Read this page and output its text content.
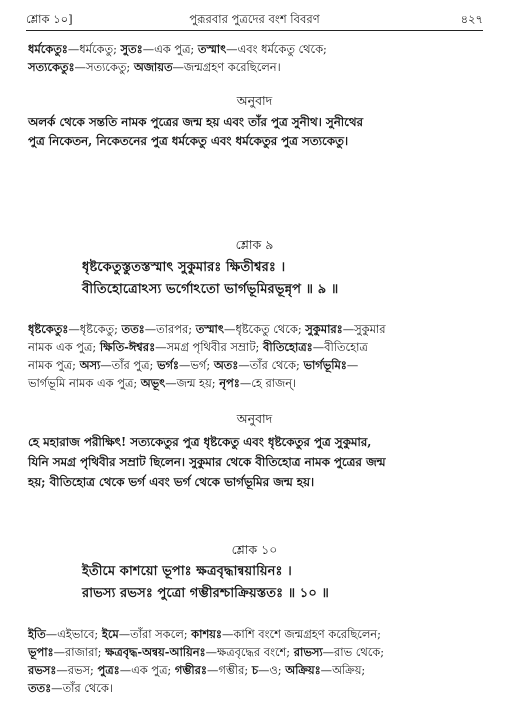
শ্লোক ১০]	পুরূরবার পুত্রদের বংশ বিবরণ	৪২৭
ধর্মকেতুঃ—ধর্মকেতু; সুতঃ—এক পুত্র; তস্মাৎ—এবং ধর্মকেতু থেকে;
সত্যকেতুঃ—সত্যকেতু; অজায়ত—জন্মগ্রহণ করেছিলেন।
অনুবাদ
অলর্ক থেকে সন্ততি নামক পুত্রের জন্ম হয় এবং তাঁর পুত্র সুনীথ। সুনীথের
পুত্র নিকেতন, নিকেতনের পুত্র ধর্মকেতু এবং ধর্মকেতুর পুত্র সত্যকেতু।
শ্লোক ৯
ধৃষ্টকেতুস্তুতস্তস্মাৎ সুকুমারঃ ক্ষিতীশ্বরঃ ।
বীতিহোত্রোঽস্য ভর্গোঽতো ভার্গভূমিরভূন্নৃপ ॥ ৯ ॥
ধৃষ্টকেতুঃ—ধৃষ্টকেতু; ততঃ—তারপর; তস্মাৎ—ধৃষ্টকেতু থেকে; সুকুমারঃ—সুকুমার
নামক এক পুত্র; ক্ষিতি-ঈশ্বরঃ—সমগ্র পৃথিবীর সম্রাট; বীতিহোত্রঃ—বীতিহোত্র
নামক পুত্র; অস্য—তাঁর পুত্র; ভর্গঃ—ভর্গ; অতঃ—তাঁর থেকে; ভার্গভূমিঃ—
ভার্গভূমি নামক এক পুত্র; অভূৎ—জন্ম হয়; নৃপঃ—হে রাজন্।
অনুবাদ
হে মহারাজ পরীক্ষিৎ! সত্যকেতুর পুত্র ধৃষ্টকেতু এবং ধৃষ্টকেতুর পুত্র সুকুমার,
যিনি সমগ্র পৃথিবীর সম্রাট ছিলেন। সুকুমার থেকে বীতিহোত্র নামক পুত্রের জন্ম
হয়; বীতিহোত্র থেকে ভর্গ এবং ভর্গ থেকে ভার্গভূমির জন্ম হয়।
শ্লোক ১০
ইতীমে কাশয়ো ভূপাঃ ক্ষত্রবৃদ্ধান্বয়ায়িনঃ ।
রাভস্য রভসঃ পুত্রো গম্ভীরশ্চাক্রিয়স্ততঃ ॥ ১০ ॥
ইতি—এইভাবে; ইমে—তাঁরা সকলে; কাশয়ঃ—কাশি বংশে জন্মগ্রহণ করেছিলেন;
ভূপাঃ—রাজারা; ক্ষত্রবৃদ্ধ-অন্বয়-আয়িনঃ—ক্ষত্রবৃদ্ধের বংশে; রাভস্য—রাভ থেকে;
রভসঃ—রভস; পুত্রঃ—এক পুত্র; গম্ভীরঃ—গম্ভীর; চ—ও; অক্রিয়ঃ—অক্রিয়;
ততঃ—তাঁর থেকে।
